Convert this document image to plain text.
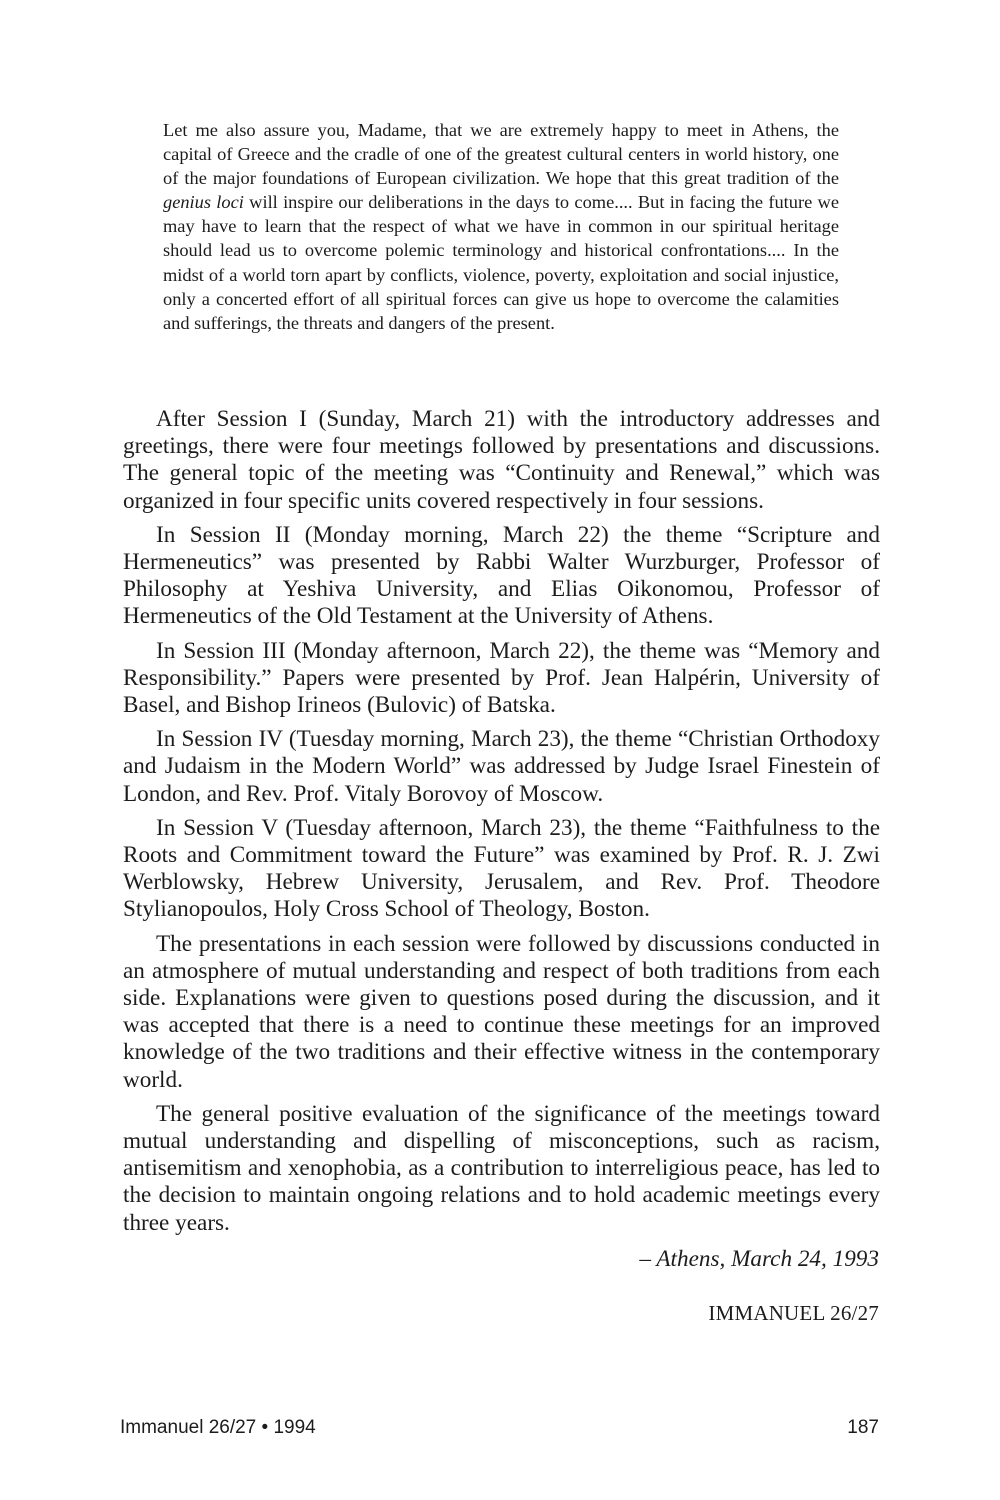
Let me also assure you, Madame, that we are extremely happy to meet in Athens, the capital of Greece and the cradle of one of the greatest cultural centers in world history, one of the major foundations of European civilization. We hope that this great tradition of the genius loci will inspire our deliberations in the days to come.... But in facing the future we may have to learn that the respect of what we have in common in our spiritual heritage should lead us to overcome polemic terminology and historical confrontations.... In the midst of a world torn apart by conflicts, violence, poverty, exploitation and social injustice, only a concerted effort of all spiritual forces can give us hope to overcome the calamities and sufferings, the threats and dangers of the present.

After Session I (Sunday, March 21) with the introductory addresses and greetings, there were four meetings followed by presentations and discussions. The general topic of the meeting was “Continuity and Renewal,” which was organized in four specific units covered respectively in four sessions.

In Session II (Monday morning, March 22) the theme “Scripture and Hermeneutics” was presented by Rabbi Walter Wurzburger, Professor of Philosophy at Yeshiva University, and Elias Oikonomou, Professor of Hermeneutics of the Old Testament at the University of Athens.

In Session III (Monday afternoon, March 22), the theme was “Memory and Responsibility.” Papers were presented by Prof. Jean Halpérin, University of Basel, and Bishop Irineos (Bulovic) of Batska.

In Session IV (Tuesday morning, March 23), the theme “Christian Orthodoxy and Judaism in the Modern World” was addressed by Judge Israel Finestein of London, and Rev. Prof. Vitaly Borovoy of Moscow.

In Session V (Tuesday afternoon, March 23), the theme “Faithfulness to the Roots and Commitment toward the Future” was examined by Prof. R. J. Zwi Werblowsky, Hebrew University, Jerusalem, and Rev. Prof. Theodore Stylianopoulos, Holy Cross School of Theology, Boston.

The presentations in each session were followed by discussions conducted in an atmosphere of mutual understanding and respect of both traditions from each side. Explanations were given to questions posed during the discussion, and it was accepted that there is a need to continue these meetings for an improved knowledge of the two traditions and their effective witness in the contemporary world.

The general positive evaluation of the significance of the meetings toward mutual understanding and dispelling of misconceptions, such as racism, antisemitism and xenophobia, as a contribution to interreligious peace, has led to the decision to maintain ongoing relations and to hold academic meetings every three years.

– Athens, March 24, 1993
IMMANUEL 26/27
Immanuel 26/27 • 1994	187
